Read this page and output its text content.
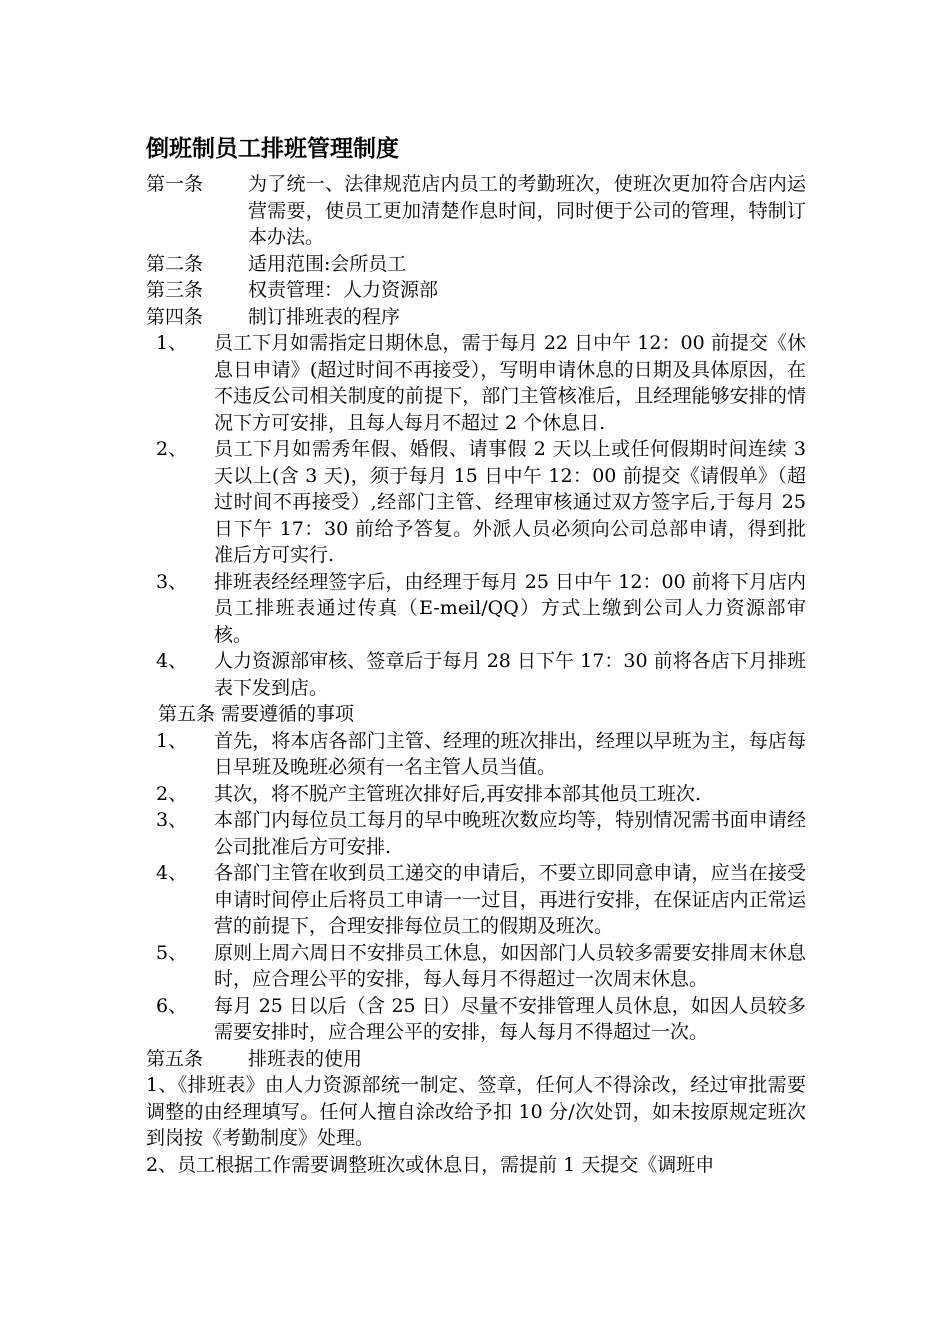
倒班制员工排班管理制度
第一条	为了统一、法律规范店内员工的考勤班次，使班次更加符合店内运营需要，使员工更加清楚作息时间，同时便于公司的管理，特制订本办法。
第二条	适用范围:会所员工
第三条	权责管理：人力资源部
第四条	制订排班表的程序
1、	员工下月如需指定日期休息，需于每月 22 日中午 12：00 前提交《休息日申请》(超过时间不再接受），写明申请休息的日期及具体原因，在不违反公司相关制度的前提下，部门主管核准后，且经理能够安排的情况下方可安排，且每人每月不超过 2 个休息日.
2、	员工下月如需秀年假、婚假、请事假 2 天以上或任何假期时间连续 3 天以上(含 3 天)，须于每月 15 日中午 12：00 前提交《请假单》（超过时间不再接受）,经部门主管、经理审核通过双方签字后,于每月 25 日下午 17：30 前给予答复。外派人员必须向公司总部申请，得到批准后方可实行.
3、	排班表经经理签字后，由经理于每月 25 日中午 12：00 前将下月店内员工排班表通过传真（E-meil/QQ）方式上缴到公司人力资源部审核。
4、	人力资源部审核、签章后于每月 28 日下午 17：30 前将各店下月排班表下发到店。
第五条 需要遵循的事项
1、	首先，将本店各部门主管、经理的班次排出，经理以早班为主，每店每日早班及晚班必须有一名主管人员当值。
2、	其次，将不脱产主管班次排好后,再安排本部其他员工班次.
3、	本部门内每位员工每月的早中晚班次数应均等，特别情况需书面申请经公司批准后方可安排.
4、	各部门主管在收到员工递交的申请后，不要立即同意申请，应当在接受申请时间停止后将员工申请一一过目，再进行安排，在保证店内正常运营的前提下，合理安排每位员工的假期及班次。
5、	原则上周六周日不安排员工休息，如因部门人员较多需要安排周末休息时，应合理公平的安排，每人每月不得超过一次周末休息。
6、	每月 25 日以后（含 25 日）尽量不安排管理人员休息，如因人员较多需要安排时，应合理公平的安排，每人每月不得超过一次。
第五条	排班表的使用
1、《排班表》由人力资源部统一制定、签章，任何人不得涂改，经过审批需要调整的由经理填写。任何人擅自涂改给予扣 10 分/次处罚，如未按原规定班次到岗按《考勤制度》处理。
2、员工根据工作需要调整班次或休息日，需提前 1 天提交《调班申
